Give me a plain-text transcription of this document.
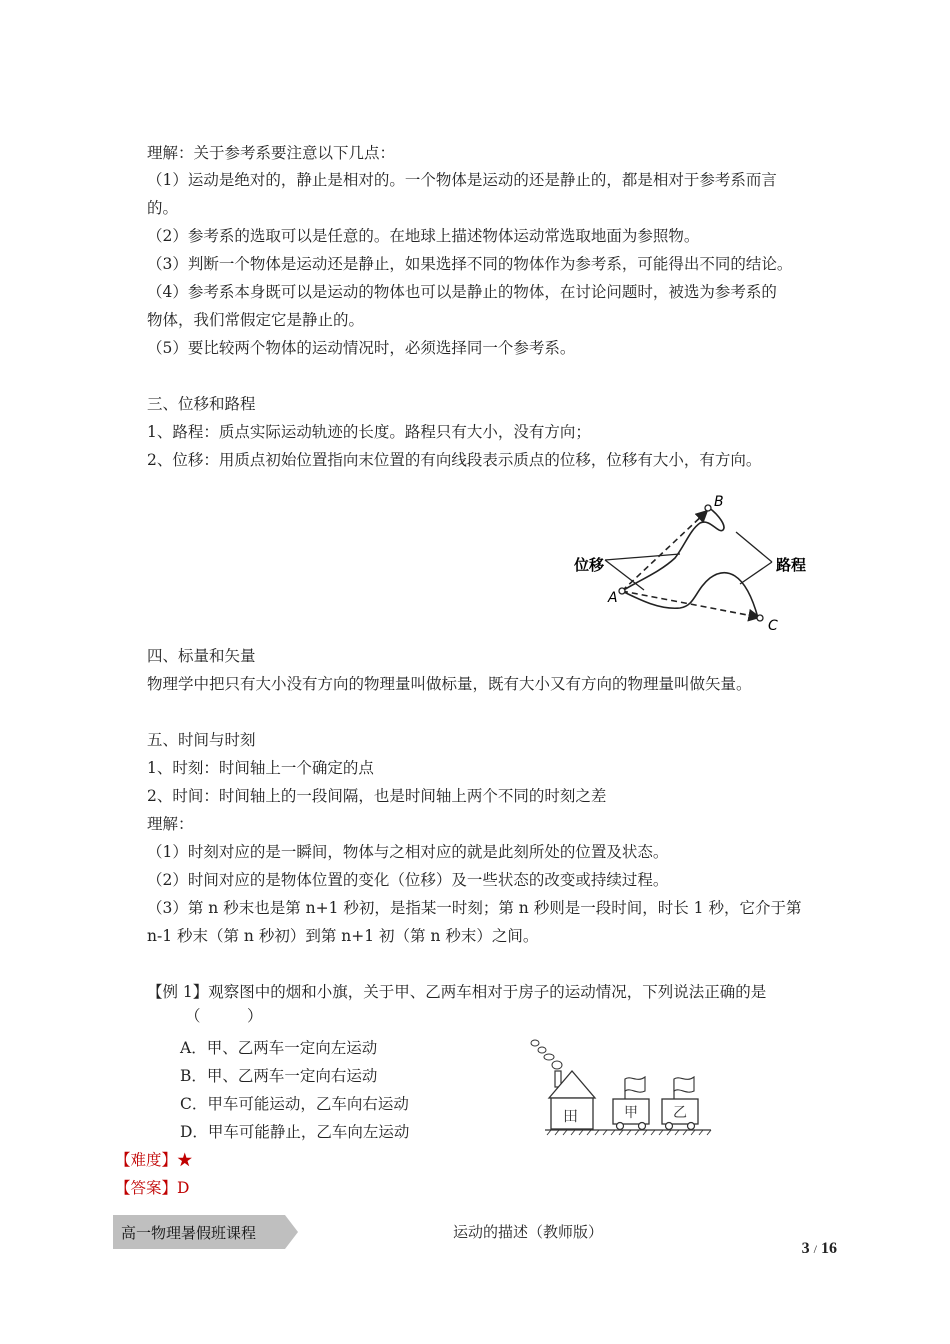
理解：关于参考系要注意以下几点：
（1）运动是绝对的，静止是相对的。一个物体是运动的还是静止的，都是相对于参考系而言
的。
（2）参考系的选取可以是任意的。在地球上描述物体运动常选取地面为参照物。
（3）判断一个物体是运动还是静止，如果选择不同的物体作为参考系，可能得出不同的结论。
（4）参考系本身既可以是运动的物体也可以是静止的物体，在讨论问题时，被选为参考系的
物体，我们常假定它是静止的。
（5）要比较两个物体的运动情况时，必须选择同一个参考系。
三、位移和路程
1、路程：质点实际运动轨迹的长度。路程只有大小，没有方向；
2、位移：用质点初始位置指向末位置的有向线段表示质点的位移，位移有大小，有方向。
位移	路程
A
B
C
四、标量和矢量
物理学中把只有大小没有方向的物理量叫做标量，既有大小又有方向的物理量叫做矢量。
五、时间与时刻
1、时刻：时间轴上一个确定的点
2、时间：时间轴上的一段间隔，也是时间轴上两个不同的时刻之差
理解：
（1）时刻对应的是一瞬间，物体与之相对应的就是此刻所处的位置及状态。
（2）时间对应的是物体位置的变化（位移）及一些状态的改变或持续过程。
（3）第 n 秒末也是第 n+1 秒初，是指某一时刻；第 n 秒则是一段时间，时长 1 秒，它介于第
n-1 秒末（第 n 秒初）到第 n+1 初（第 n 秒末）之间。
【例 1】观察图中的烟和小旗，关于甲、乙两车相对于房子的运动情况，下列说法正确的是
（　　　）
A．甲、乙两车一定向左运动
B．甲、乙两车一定向右运动
C．甲车可能运动，乙车向右运动
D．甲车可能静止，乙车向左运动
田	甲	乙
【难度】★
【答案】D
高一物理暑假班课程	运动的描述（教师版）
3 / 16
